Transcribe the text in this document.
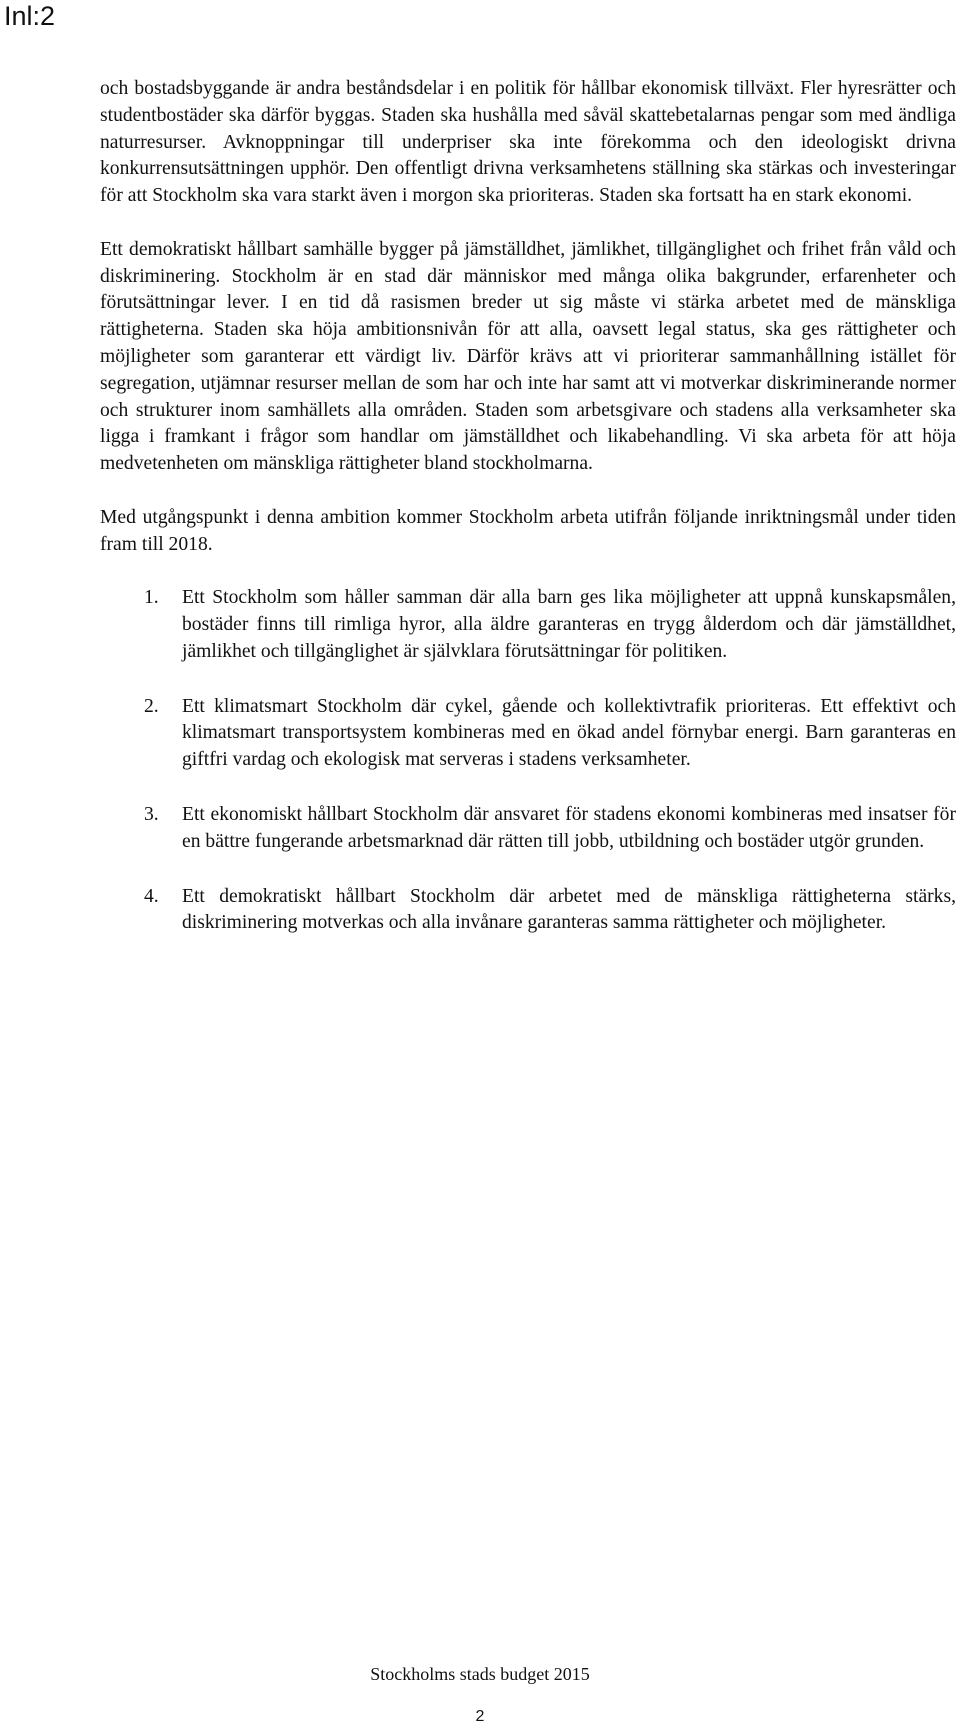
Inl:2

och bostadsbyggande är andra beståndsdelar i en politik för hållbar ekonomisk tillväxt. Fler hyresrätter och studentbostäder ska därför byggas. Staden ska hushålla med såväl skattebetalarnas pengar som med ändliga naturresurser. Avknoppningar till underpriser ska inte förekomma och den ideologiskt drivna konkurrensutsättningen upphör. Den offentligt drivna verksamhetens ställning ska stärkas och investeringar för att Stockholm ska vara starkt även i morgon ska prioriteras. Staden ska fortsatt ha en stark ekonomi.

Ett demokratiskt hållbart samhälle bygger på jämställdhet, jämlikhet, tillgänglighet och frihet från våld och diskriminering. Stockholm är en stad där människor med många olika bakgrunder, erfarenheter och förutsättningar lever. I en tid då rasismen breder ut sig måste vi stärka arbetet med de mänskliga rättigheterna. Staden ska höja ambitionsnivån för att alla, oavsett legal status, ska ges rättigheter och möjligheter som garanterar ett värdigt liv. Därför krävs att vi prioriterar sammanhållning istället för segregation, utjämnar resurser mellan de som har och inte har samt att vi motverkar diskriminerande normer och strukturer inom samhällets alla områden. Staden som arbetsgivare och stadens alla verksamheter ska ligga i framkant i frågor som handlar om jämställdhet och likabehandling. Vi ska arbeta för att höja medvetenheten om mänskliga rättigheter bland stockholmarna.

Med utgångspunkt i denna ambition kommer Stockholm arbeta utifrån följande inriktningsmål under tiden fram till 2018.

1. Ett Stockholm som håller samman där alla barn ges lika möjligheter att uppnå kunskapsmålen, bostäder finns till rimliga hyror, alla äldre garanteras en trygg ålderdom och där jämställdhet, jämlikhet och tillgänglighet är självklara förutsättningar för politiken.
2. Ett klimatsmart Stockholm där cykel, gående och kollektivtrafik prioriteras. Ett effektivt och klimatsmart transportsystem kombineras med en ökad andel förnybar energi. Barn garanteras en giftfri vardag och ekologisk mat serveras i stadens verksamheter.
3. Ett ekonomiskt hållbart Stockholm där ansvaret för stadens ekonomi kombineras med insatser för en bättre fungerande arbetsmarknad där rätten till jobb, utbildning och bostäder utgör grunden.
4. Ett demokratiskt hållbart Stockholm där arbetet med de mänskliga rättigheterna stärks, diskriminering motverkas och alla invånare garanteras samma rättigheter och möjligheter.
Stockholms stads budget 2015
2
